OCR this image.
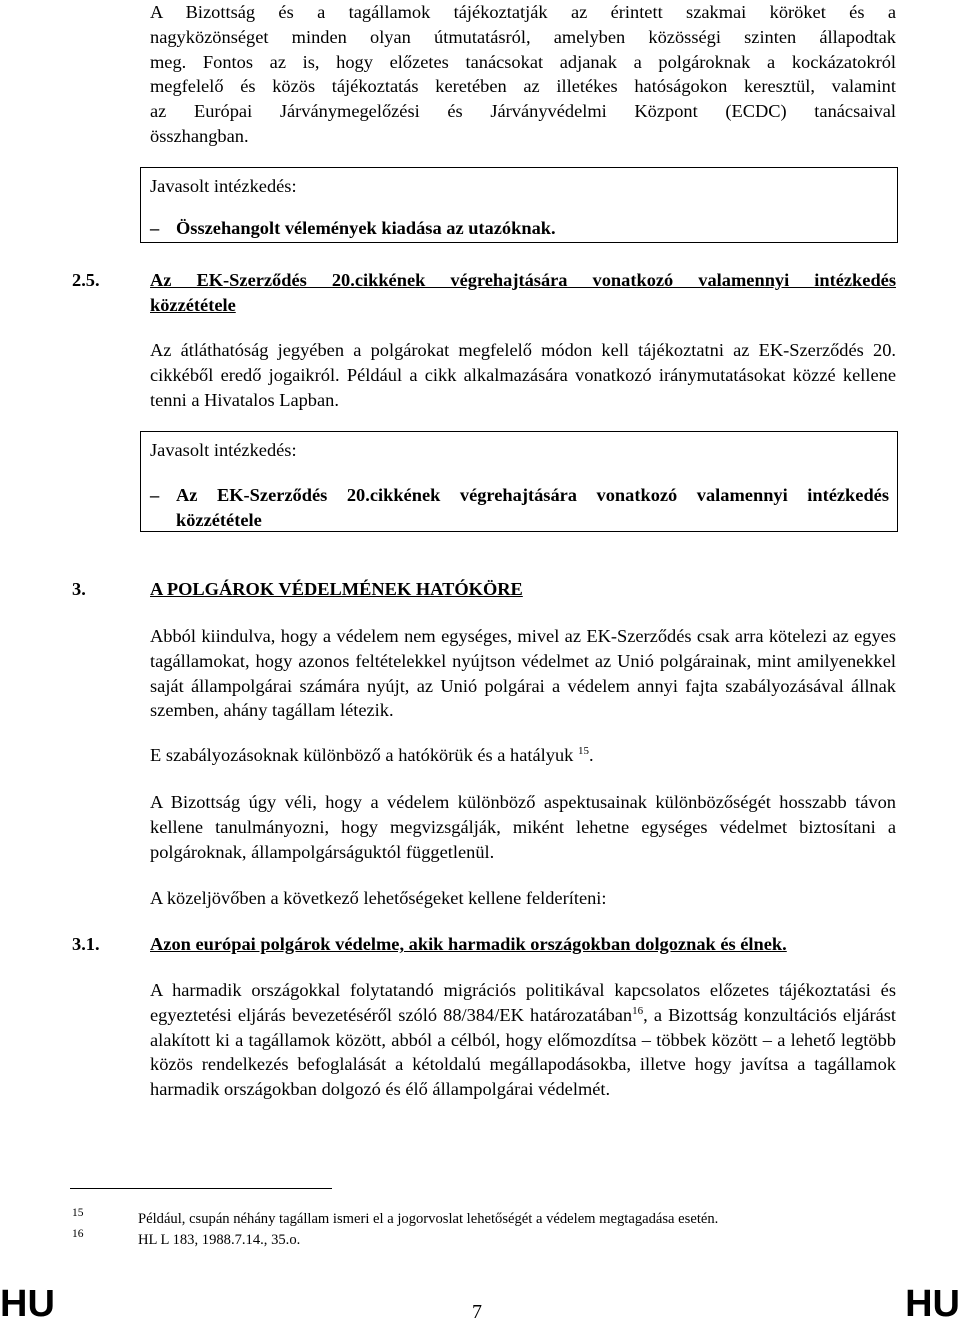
A Bizottság és a tagállamok tájékoztatják az érintett szakmai köröket és a
nagyközönséget minden olyan útmutatásról, amelyben közösségi szinten állapodtak
meg. Fontos az is, hogy előzetes tanácsokat adjanak a polgároknak a kockázatokról
megfelelő és közös tájékoztatás keretében az illetékes hatóságokon keresztül, valamint
az Európai Járványmegelőzési és Járványvédelmi Központ (ECDC) tanácsaival
összhangban.
Javasolt intézkedés:
– Összehangolt vélemények kiadása az utazóknak.
2.5.	Az EK-Szerződés 20.cikkének végrehajtására vonatkozó valamennyi intézkedés
közzététele
Az átláthatóság jegyében a polgárokat megfelelő módon kell tájékoztatni az EK-Szerződés 20. cikkéből eredő jogaikról. Például a cikk alkalmazására vonatkozó iránymutatásokat közzé kellene tenni a Hivatalos Lapban.
Javasolt intézkedés:
– Az EK-Szerződés 20.cikkének végrehajtására vonatkozó valamennyi intézkedés közzététele
3.	A POLGÁROK VÉDELMÉNEK HATÓKÖRE
Abból kiindulva, hogy a védelem nem egységes, mivel az EK-Szerződés csak arra kötelezi az egyes tagállamokat, hogy azonos feltételekkel nyújtson védelmet az Unió polgárainak, mint amilyenekkel saját állampolgárai számára nyújt, az Unió polgárai a védelem annyi fajta szabályozásával állnak szemben, ahány tagállam létezik.
E szabályozásoknak különböző a hatókörük és a hatályuk $^{15}$.
A Bizottság úgy véli, hogy a védelem különböző aspektusainak különbözőségét hosszabb távon kellene tanulmányozni, hogy megvizsgálják, miként lehetne egységes védelmet biztosítani a polgároknak, állampolgárságuktól függetlenül.
A közeljövőben a következő lehetőségeket kellene felderíteni:
3.1.	Azon európai polgárok védelme, akik harmadik országokban dolgoznak és élnek.
A harmadik országokkal folytatandó migrációs politikával kapcsolatos előzetes tájékoztatási és egyeztetési eljárás bevezetéséről szóló 88/384/EK határozatában$^{16}$, a Bizottság konzultációs eljárást alakított ki a tagállamok között, abból a célból, hogy előmozdítsa – többek között – a lehető legtöbb közös rendelkezés befoglalását a kétoldalú megállapodásokba, illetve hogy javítsa a tagállamok harmadik országokban dolgozó és élő állampolgárai védelmét.
15	Például, csupán néhány tagállam ismeri el a jogorvoslat lehetőségét a védelem megtagadása esetén.
16	HL L 183, 1988.7.14., 35.o.
HU	7	HU
